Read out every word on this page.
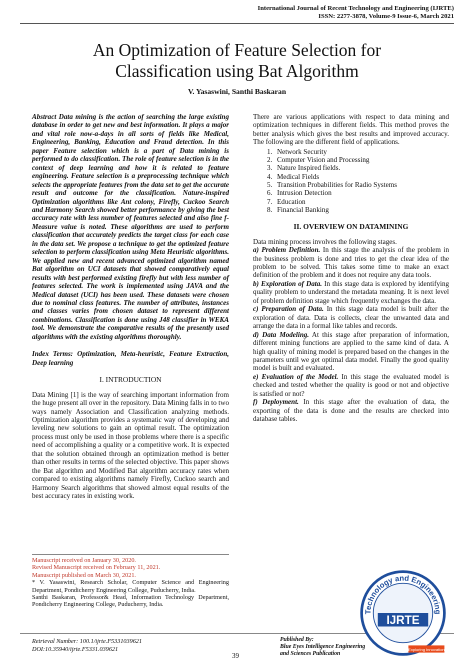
International Journal of Recent Technology and Engineering (IJRTE)
ISSN: 2277-3878, Volume-9 Issue-6, March 2021
An Optimization of Feature Selection for
Classification using Bat Algorithm
V. Yasaswini, Santhi Baskaran

Abstract Data mining is the action of searching the large existing database in order to get new and best information. It plays a major and vital role now-a-days in all sorts of fields like Medical, Engineering, Banking, Education and Fraud detection. In this paper Feature selection which is a part of Data mining is performed to do classification. The role of feature selection is in the context of deep learning and how it is related to feature engineering. Feature selection is a preprocessing technique which selects the appropriate features from the data set to get the accurate result and outcome for the classification. Nature-inspired Optimization algorithms like Ant colony, Firefly, Cuckoo Search and Harmony Search showed better performance by giving the best accuracy rate with less number of features selected and also fine f-Measure value is noted. These algorithms are used to perform classification that accurately predicts the target class for each case in the data set. We propose a technique to get the optimized feature selection to perform classification using Meta Heuristic algorithms. We applied new and recent advanced optimized algorithm named Bat algorithm on UCI datasets that showed comparatively equal results with best performed existing firefly but with less number of features selected. The work is implemented using JAVA and the Medical dataset (UCI) has been used. These datasets were chosen due to nominal class features. The number of attributes, instances and classes varies from chosen dataset to represent different combinations. Classification is done using J48 classifier in WEKA tool. We demonstrate the comparative results of the presently used algorithms with the existing algorithms thoroughly.

Index Terms: Optimization, Meta-heuristic, Feature Extraction, Deep learning
I. INTRODUCTION

Data Mining [1] is the way of searching important information from the huge present all over in the repository. Data Mining falls in to two ways namely Association and Classification analyzing methods. Optimization algorithm provides a systematic way of developing and leveling new solutions to gain an optimal result. The optimization process must only be used in those problems where there is a specific need of accomplishing a quality or a competitive work. It is expected that the solution obtained through an optimization method is better than other results in terms of the selected objective. This paper shows the Bat algorithm and Modified Bat algorithm accuracy rates when compared to existing algorithms namely Firefly, Cuckoo search and Harmony Search algorithms that showed almost equal results of the best accuracy rates in existing work.

There are various applications with respect to data mining and optimization techniques in different fields. This method proves the better analysis which gives the best results and improved accuracy. The following are the different field of applications.

1. Network Security
2. Computer Vision and Processing
3. Nature Inspired fields.
4. Medical Fields
5. Transition Probabilities for Radio Systems
6. Intrusion Detection
7. Education
8. Financial Banking
II. OVERVIEW ON DATAMINING

Data mining process involves the following stages.

a) Problem Definition. In this stage the analysis of the problem in the business problem is done and tries to get the clear idea of the problem to be solved. This takes some time to make an exact definition of the problem and it does not require any data tools.

b) Exploration of Data. In this stage data is explored by identifying quality problem to understand the metadata meaning. It is next level of problem definition stage which frequently exchanges the data.

c) Preparation of Data. In this stage data model is built after the exploration of data. Data is collects, clear the unwanted data and arrange the data in a formal like tables and records.

d) Data Modeling. At this stage after preparation of information, different mining functions are applied to the same kind of data. A high quality of mining model is prepared based on the changes in the parameters until we get optimal data model. Finally the good quality model is built and evaluated.

e) Evaluation of the Model. In this stage the evaluated model is checked and tested whether the quality is good or not and objective is satisfied or not?

f) Deployment. In this stage after the evaluation of data, the exporting of the data is done and the results are checked into database tables.

Manuscript received on January 30, 2020.
Revised Manuscript received on February 11, 2021.
Manuscript published on March 30, 2021.

* V. Yasaswini, Research Scholar, Computer Science and Engineering Department, Pondicherry Engineering College, Puducherry, India.

Santhi Baskaran, Professor& Head, Information Technology Department, Pondicherry Engineering College, Puducherry, India.

Retrieval Number: 100.1/ijrte.F5331039621
DOI:10.35940/ijrte.F5331.039621
39
Published By:
Blue Eyes Intelligence Engineering
and Sciences Publication
Technology and Engineering
IJRTE
Exploring Innovation
